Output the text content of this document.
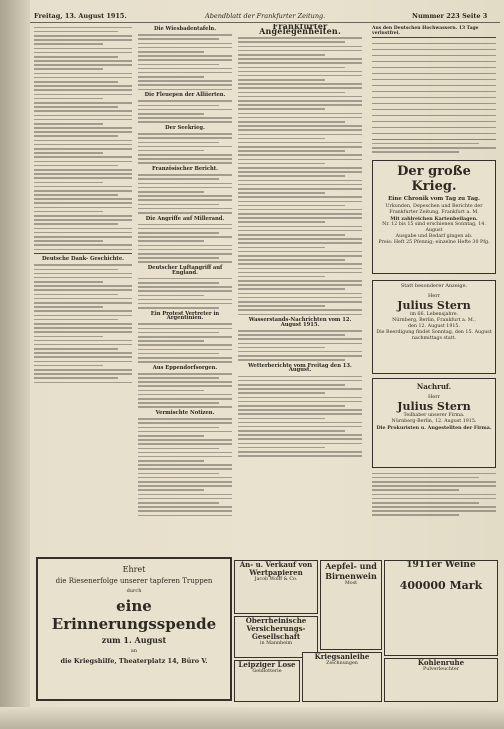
Freitag, 13. August 1915.	Abendblatt der Frankfurter Zeitung.	Nummer 223 Seite 3
Deutsche Dank- Geschichte.
Die Wiesbadentafeln.
Die Fleuepen der Alliierten.
Der Seekrieg.
Französischer Bericht.
Die Angriffe auf Millerand.
Deutscher Luftangriff auf England.
Ein Protest Vertreter in Argentinien.
Aus Eppendorfsorgen.
Vermischte Notizen.
Frankfurter Angelegenheiten.
Wasserstands-Nachrichten vom 12. August 1915.
Wetterberichte vom Freitag den 13. August.
Aus den Deutschen Hochwassern. 13 Tage verlustfrei.
Der große Krieg.
Eine Chronik vom Tag zu Tag.
Urkunden, Depeschen und Berichte der Frankfurter Zeitung, Frankfurt a. M.
Mit zahlreichen Kartenbeilagen.
Nr. 12 bis 15 sind erschienen Sonntag, 14. August
Ausgabe und Bedarf gingen ab.
Preis: Heft 25 Pfennig; einzelne Hefte 30 Pfg.
Statt besonderer Anzeige.
Herr
Julius Stern
im 66. Lebensjahre.
Nürnberg, Berlin, Frankfurt a. M.,
den 12. August 1915.
Die Beerdigung findet Sonntag, den 15. August nachmittags statt.
Nachruf.
Herr
Julius Stern
Teilhaber unserer Firma.
Nürnberg-Berlin, 12. August 1915.
Die Prokuristen u. Angestellten der Firma.
Ehret
die Riesenerfolge unserer tapferen Truppen
durch
eine Erinnerungsspende
zum 1. August
an
die Kriegshilfe, Theaterplatz 14, Büro V.
An- u. Verkauf von Wertpapieren
Jacob Wolff & Co.
Aepfel- und Birnenwein
Most
1911er Weine
400000 Mark
Oberrheinische Versicherungs-Gesellschaft
in Mannheim
Leipziger Lose
Geldlotterie
Kriegsanleihe
Zeichnungen	Kohlenruhe
Pulverleuchter
